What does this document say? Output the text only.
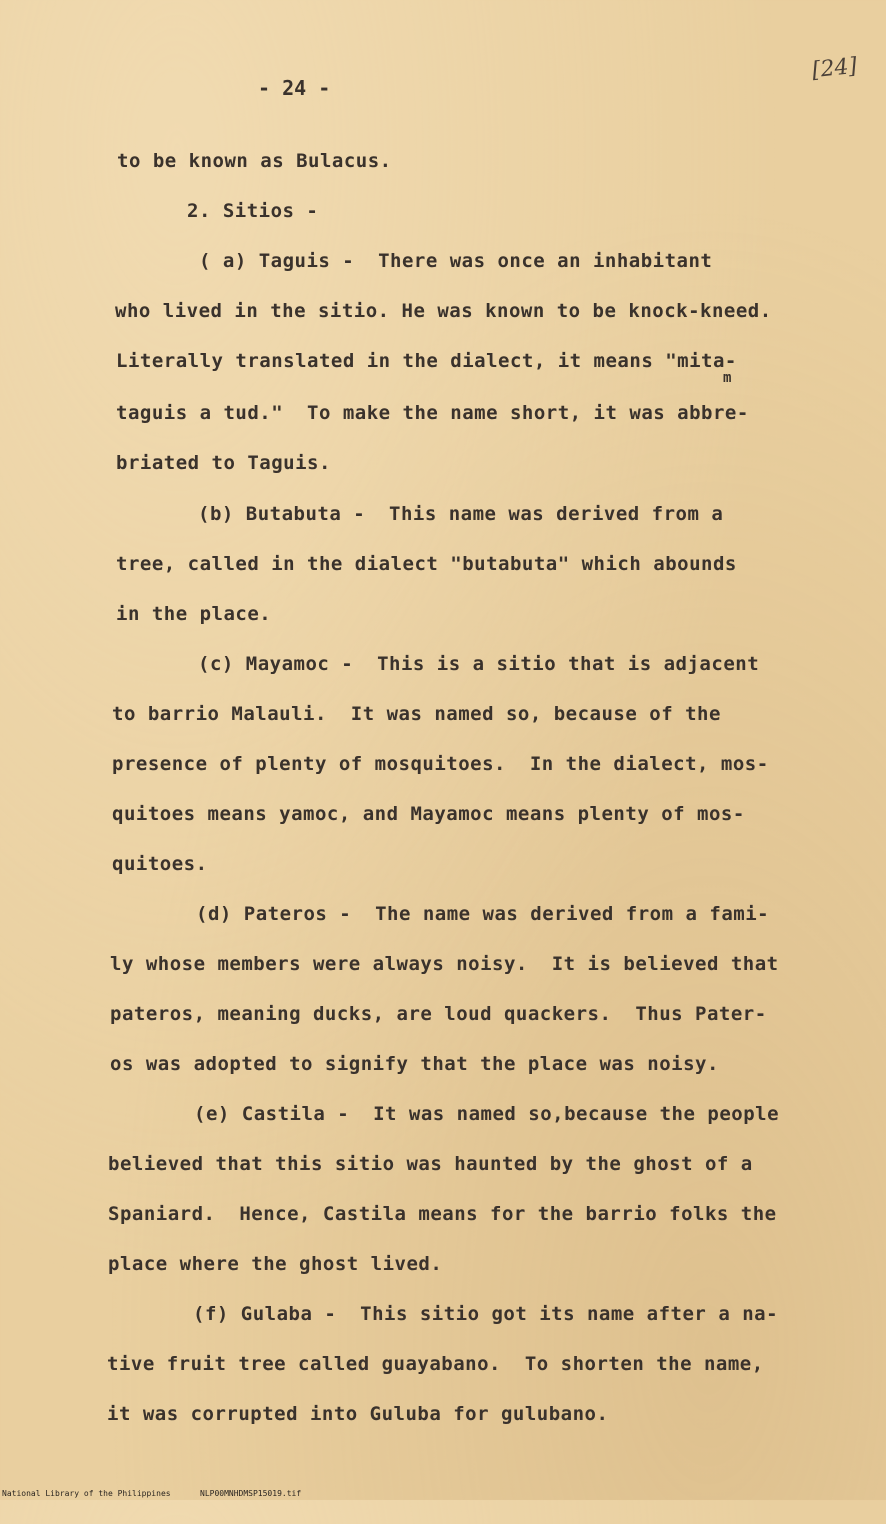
- 24 -
[24]
to be known as Bulacus.
2. Sitios -
( a) Taguis -  There was once an inhabitant
who lived in the sitio. He was known to be knock-kneed.
Literally translated in the dialect, it means "mita-
m
taguis a tud."  To make the name short, it was abbre-
briated to Taguis.
(b) Butabuta -  This name was derived from a
tree, called in the dialect "butabuta" which abounds
in the place.
(c) Mayamoc -  This is a sitio that is adjacent
to barrio Malauli.  It was named so, because of the
presence of plenty of mosquitoes.  In the dialect, mos-
quitoes means yamoc, and Mayamoc means plenty of mos-
quitoes.
(d) Pateros -  The name was derived from a fami-
ly whose members were always noisy.  It is believed that
pateros, meaning ducks, are loud quackers.  Thus Pater-
os was adopted to signify that the place was noisy.
(e) Castila -  It was named so,because the people
believed that this sitio was haunted by the ghost of a
Spaniard.  Hence, Castila means for the barrio folks the
place where the ghost lived.
(f) Gulaba -  This sitio got its name after a na-
tive fruit tree called guayabano.  To shorten the name,
it was corrupted into Guluba for gulubano.

National Library of the Philippines

	NLP00MNHDMSP15019.tif
